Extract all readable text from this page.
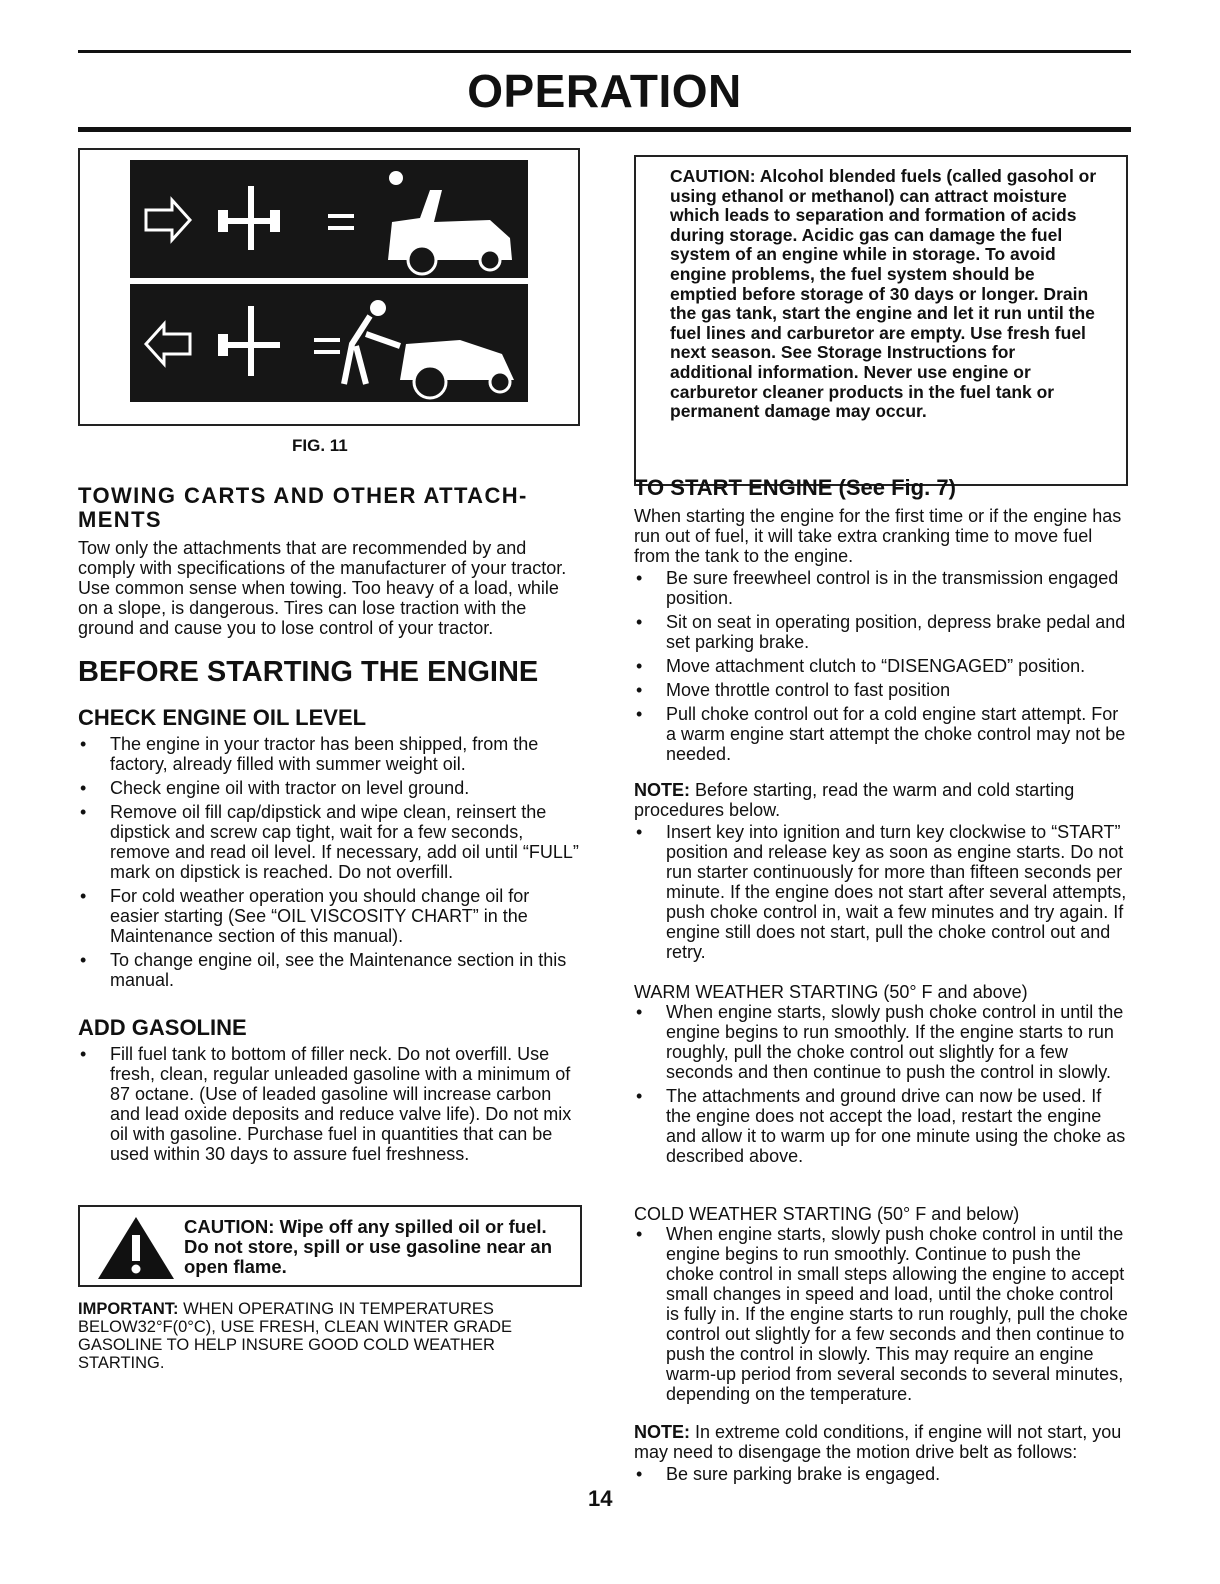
OPERATION
FIG. 11
TOWING CARTS AND OTHER ATTACH-MENTS

Tow only the attachments that are recommended by and comply with specifications of the manufacturer of your tractor. Use common sense when towing. Too heavy of a load, while on a slope, is dangerous. Tires can lose traction with the ground and cause you to lose control of your tractor.

BEFORE STARTING THE ENGINE
CHECK ENGINE OIL LEVEL
• The engine in your tractor has been shipped, from the factory, already filled with summer weight oil.
• Check engine oil with tractor on level ground.
• Remove oil fill cap/dipstick and wipe clean, reinsert the dipstick and screw cap tight, wait for a few seconds, remove and read oil level. If necessary, add oil until “FULL” mark on dipstick is reached. Do not overfill.
• For cold weather operation you should change oil for easier starting (See “OIL VISCOSITY CHART” in the Maintenance section of this manual).
• To change engine oil, see the Maintenance section in this manual.
ADD GASOLINE
• Fill fuel tank to bottom of filler neck. Do not overfill. Use fresh, clean, regular unleaded gasoline with a minimum of 87 octane. (Use of leaded gasoline will increase carbon and lead oxide deposits and reduce valve life). Do not mix oil with gasoline. Purchase fuel in quantities that can be used within 30 days to assure fuel freshness.
CAUTION: Wipe off any spilled oil or fuel. Do not store, spill or use gasoline near an open flame.

IMPORTANT: WHEN OPERATING IN TEMPERATURES BELOW32°F(0°C), USE FRESH, CLEAN WINTER GRADE GASOLINE TO HELP INSURE GOOD COLD WEATHER STARTING.

CAUTION: Alcohol blended fuels (called gasohol or using ethanol or methanol) can attract moisture which leads to separation and formation of acids during storage. Acidic gas can damage the fuel system of an engine while in storage. To avoid engine problems, the fuel system should be emptied before storage of 30 days or longer. Drain the gas tank, start the engine and let it run until the fuel lines and carburetor are empty. Use fresh fuel next season. See Storage Instructions for additional information. Never use engine or carburetor cleaner products in the fuel tank or permanent damage may occur.
TO START ENGINE (See Fig. 7)

When starting the engine for the first time or if the engine has run out of fuel, it will take extra cranking time to move fuel from the tank to the engine.

• Be sure freewheel control is in the transmission engaged position.
• Sit on seat in operating position, depress brake pedal and set parking brake.
• Move attachment clutch to “DISENGAGED” position.
• Move throttle control to fast position
• Pull choke control out for a cold engine start attempt. For a warm engine start attempt the choke control may not be needed.

NOTE: Before starting, read the warm and cold starting procedures below.

• Insert key into ignition and turn key clockwise to “START” position and release key as soon as engine starts. Do not run starter continuously for more than fifteen seconds per minute. If the engine does not start after several attempts, push choke control in, wait a few minutes and try again. If engine still does not start, pull the choke control out and retry.

WARM WEATHER STARTING (50° F and above)

• When engine starts, slowly push choke control in until the engine begins to run smoothly. If the engine starts to run roughly, pull the choke control out slightly for a few seconds and then continue to push the control in slowly.
• The attachments and ground drive can now be used. If the engine does not accept the load, restart the engine and allow it to warm up for one minute using the choke as described above.

COLD WEATHER STARTING (50° F and below)

• When engine starts, slowly push choke control in until the engine begins to run smoothly. Continue to push the choke control in small steps allowing the engine to accept small changes in speed and load, until the choke control is fully in. If the engine starts to run roughly, pull the choke control out slightly for a few seconds and then continue to push the control in slowly. This may require an engine warm-up period from several seconds to several minutes, depending on the temperature.

NOTE: In extreme cold conditions, if engine will not start, you may need to disengage the motion drive belt as follows:

• Be sure parking brake is engaged.
14
